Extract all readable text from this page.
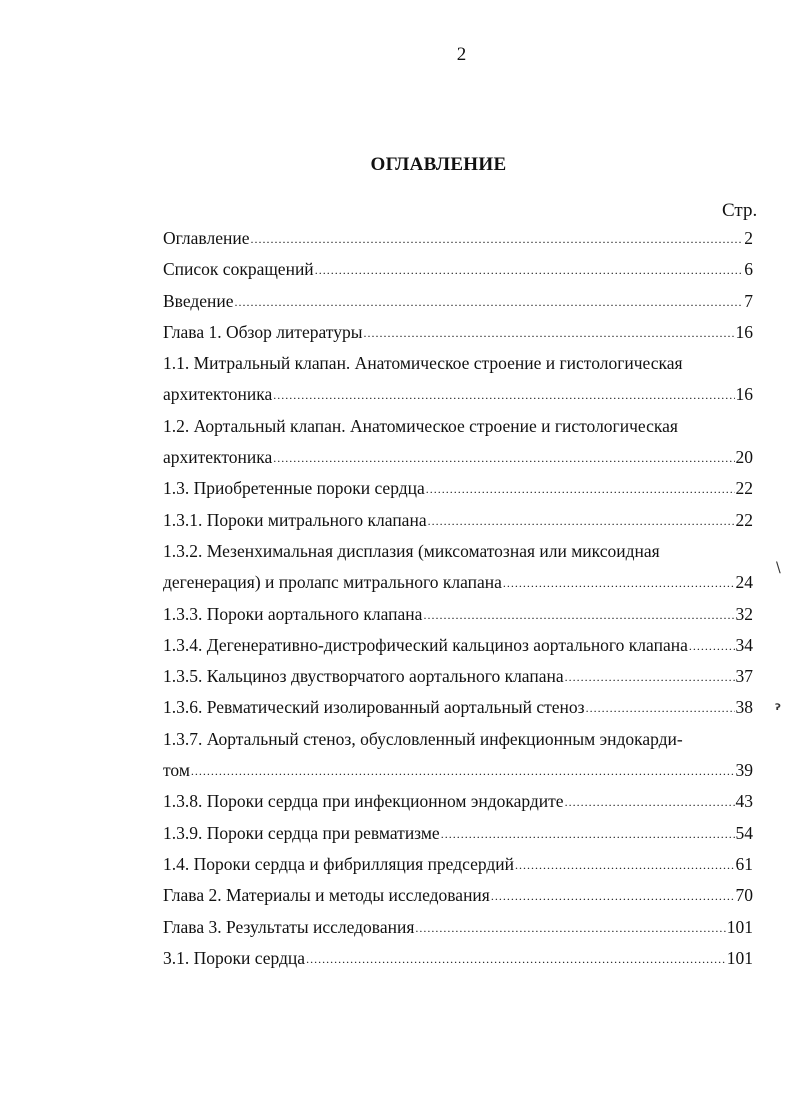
2
ОГЛАВЛЕНИЕ
Стр.
Оглавление .....	2
Список сокращений .....	6
Введение .....	7
Глава 1. Обзор литературы .....	16
1.1. Митральный клапан. Анатомическое строение и гистологическая
архитектоника .....	16
1.2. Аортальный клапан. Анатомическое строение и гистологическая
архитектоника .....	20
1.3. Приобретенные пороки сердца .....	22
1.3.1. Пороки митрального клапана .....	22
1.3.2. Мезенхимальная дисплазия (миксоматозная или миксоидная
дегенерация) и пролапс митрального клапана .....	24
1.3.3. Пороки аортального клапана .....	32
1.3.4. Дегенеративно-дистрофический кальциноз аортального клапана .....	34
1.3.5. Кальциноз двустворчатого аортального клапана .....	37
1.3.6. Ревматический изолированный аортальный стеноз .....	38
1.3.7. Аортальный стеноз, обусловленный инфекционным эндокарди-
том .....	39
1.3.8. Пороки сердца при инфекционном эндокардите .....	43
1.3.9. Пороки сердца при ревматизме .....	54
1.4. Пороки сердца и фибрилляция предсердий .....	61
Глава 2. Материалы и методы исследования .....	70
Глава 3. Результаты исследования .....	101
3.1. Пороки сердца .....	101
\
ˀ
